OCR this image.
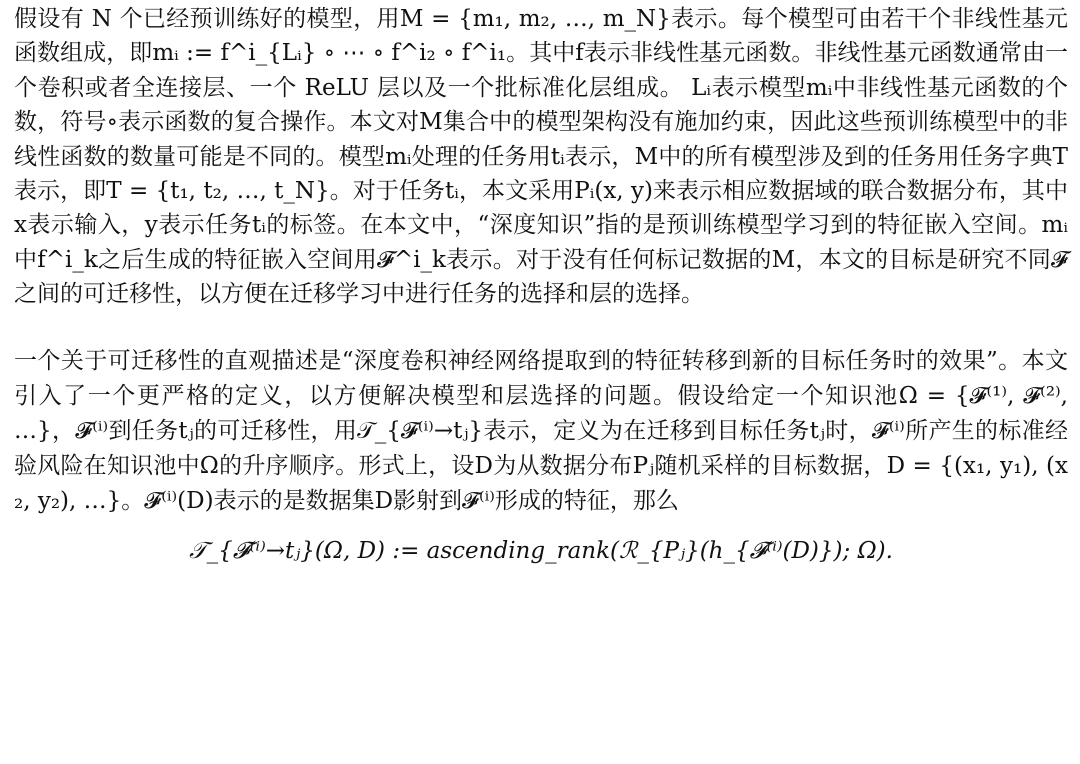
假设有 N 个已经预训练好的模型，用M = {m₁, m₂, …, m_N}表示。每个模型可由若干个非线性基元函数组成，即mᵢ := f^i_{Lᵢ} ∘ ⋯ ∘ f^i₂ ∘ f^i₁。其中f表示非线性基元函数。非线性基元函数通常由一个卷积或者全连接层、一个 ReLU 层以及一个批标准化层组成。 Lᵢ表示模型mᵢ中非线性基元函数的个数，符号∘表示函数的复合操作。本文对M集合中的模型架构没有施加约束，因此这些预训练模型中的非线性函数的数量可能是不同的。模型mᵢ处理的任务用tᵢ表示，M中的所有模型涉及到的任务用任务字典T表示，即T = {t₁, t₂, …, t_N}。对于任务tᵢ，本文采用Pᵢ(x, y)来表示相应数据域的联合数据分布，其中x表示输入，y表示任务tᵢ的标签。在本文中，“深度知识”指的是预训练模型学习到的特征嵌入空间。mᵢ中f^i_k之后生成的特征嵌入空间用𝓕^i_k表示。对于没有任何标记数据的M，本文的目标是研究不同𝓕之间的可迁移性，以方便在迁移学习中进行任务的选择和层的选择。

一个关于可迁移性的直观描述是“深度卷积神经网络提取到的特征转移到新的目标任务时的效果”。本文引入了一个更严格的定义，以方便解决模型和层选择的问题。假设给定一个知识池Ω = {𝓕⁽¹⁾, 𝓕⁽²⁾, …}，𝓕⁽ⁱ⁾到任务tⱼ的可迁移性，用𝒯_{𝓕⁽ⁱ⁾→tⱼ}表示，定义为在迁移到目标任务tⱼ时，𝓕⁽ⁱ⁾所产生的标准经验风险在知识池中Ω的升序顺序。形式上，设D为从数据分布Pⱼ随机采样的目标数据，D = {(x₁, y₁), (x₂, y₂), …}。𝓕⁽ⁱ⁾(D)表示的是数据集D影射到𝓕⁽ⁱ⁾形成的特征，那么

𝒯_{𝓕⁽ⁱ⁾→tⱼ}(Ω, D) := ascending_rank(ℛ_{Pⱼ}(h_{𝓕⁽ⁱ⁾(D)}); Ω).
